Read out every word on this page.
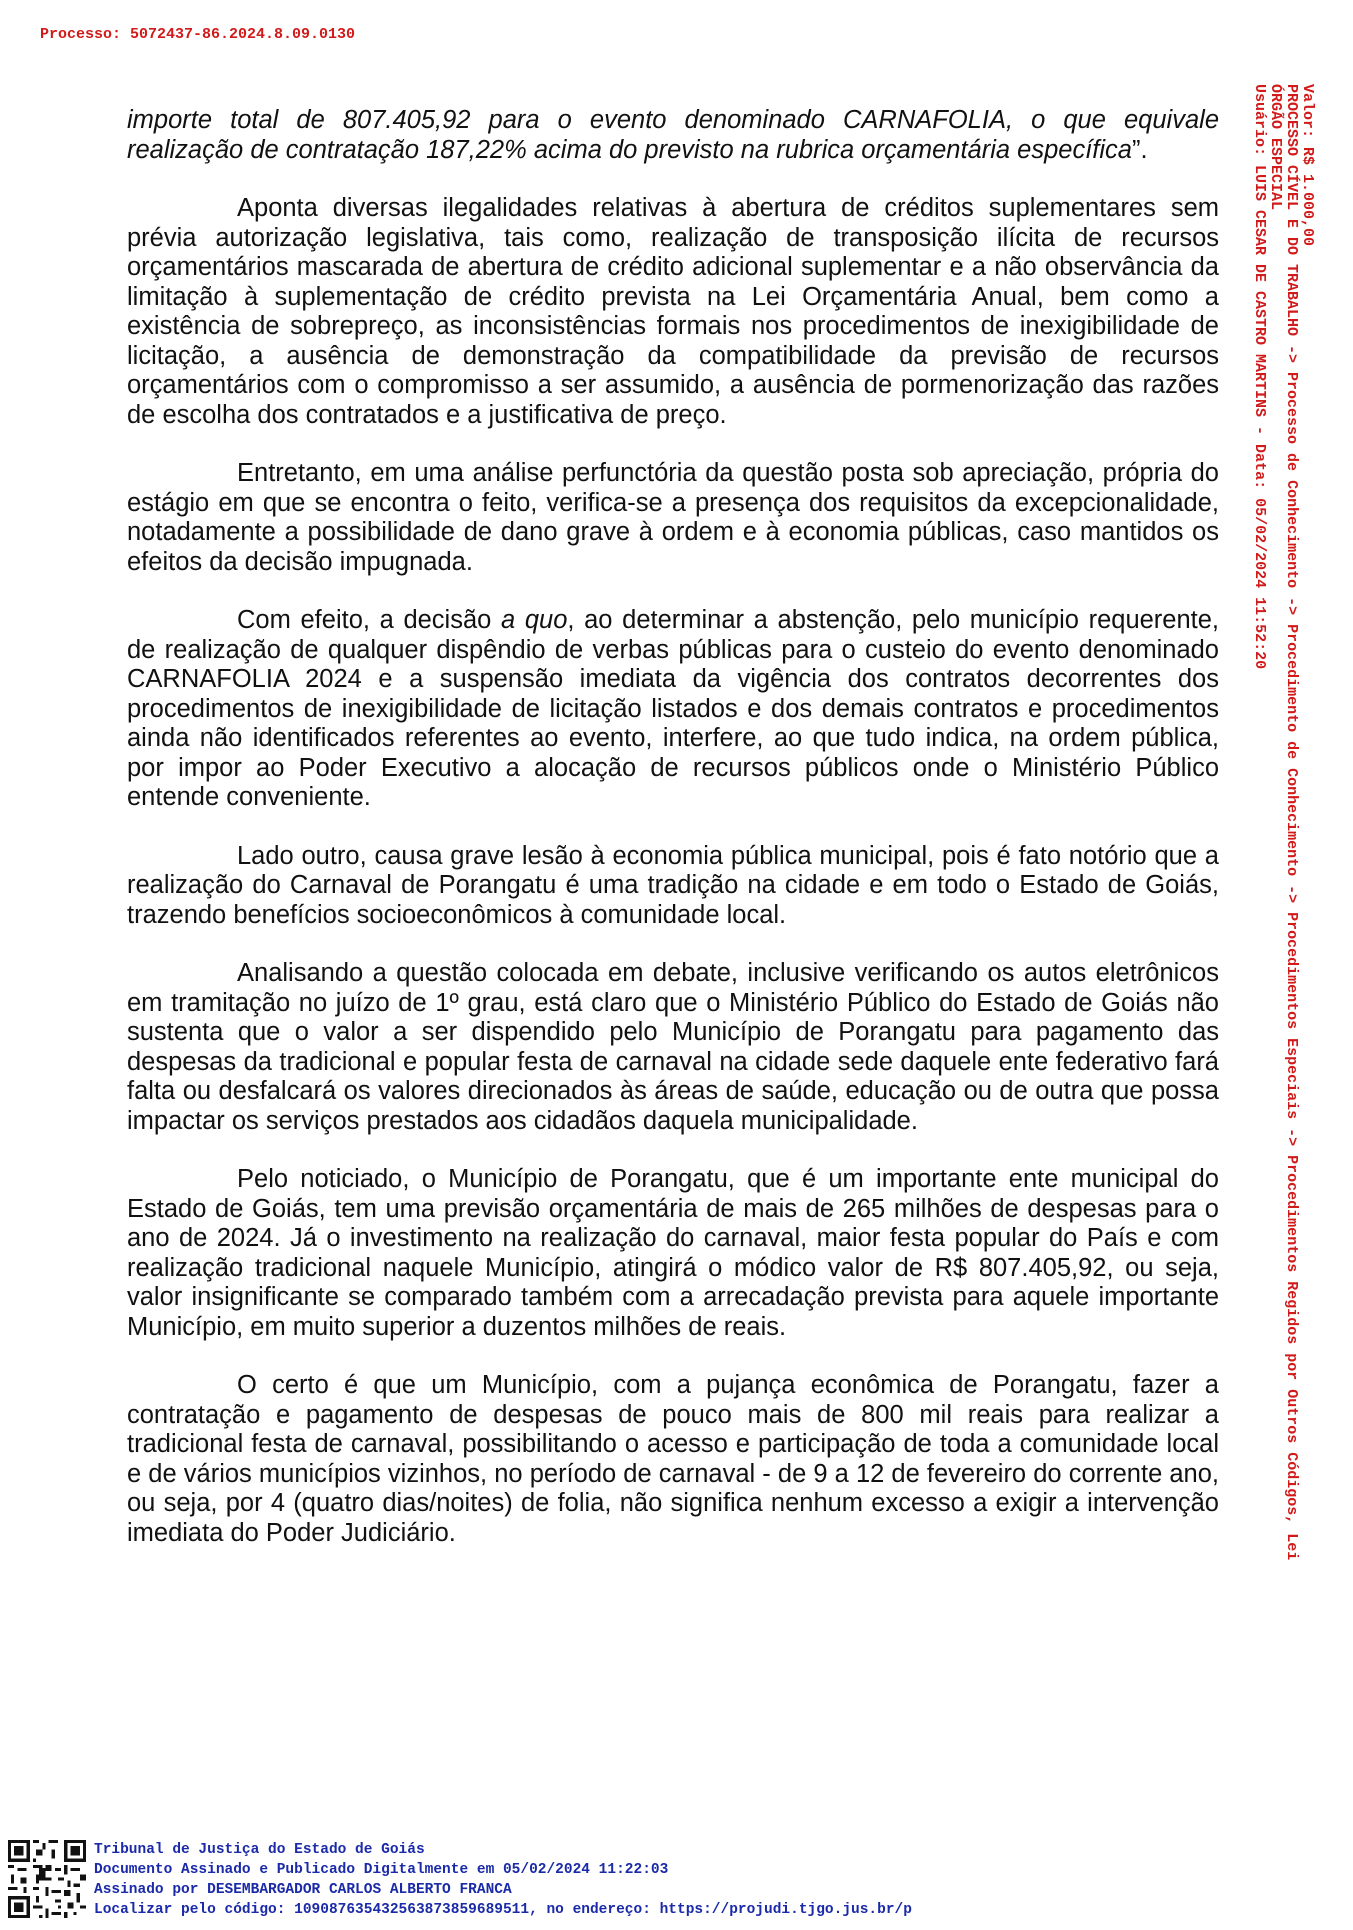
Processo: 5072437-86.2024.8.09.0130
Valor: R$ 1.000,00
PROCESSO CÍVEL E DO TRABALHO -> Processo de Conhecimento -> Procedimento de Conhecimento -> Procedimentos Especiais -> Procedimentos Regidos por Outros Códigos, Lei
ÓRGÃO ESPECIAL
Usuário: LUIS CESAR DE CASTRO MARTINS - Data: 05/02/2024 11:52:20

importe total de 807.405,92 para o evento denominado CARNAFOLIA, o que equivale realização de contratação 187,22% acima do previsto na rubrica orçamentária específica”.

Aponta diversas ilegalidades relativas à abertura de créditos suplementares sem prévia autorização legislativa, tais como, realização de transposição ilícita de recursos orçamentários mascarada de abertura de crédito adicional suplementar e a não observância da limitação à suplementação de crédito prevista na Lei Orçamentária Anual, bem como a existência de sobrepreço, as inconsistências formais nos procedimentos de inexigibilidade de licitação, a ausência de demonstração da compatibilidade da previsão de recursos orçamentários com o compromisso a ser assumido, a ausência de pormenorização das razões de escolha dos contratados e a justificativa de preço.

Entretanto, em uma análise perfunctória da questão posta sob apreciação, própria do estágio em que se encontra o feito, verifica-se a presença dos requisitos da excepcionalidade, notadamente a possibilidade de dano grave à ordem e à economia públicas, caso mantidos os efeitos da decisão impugnada.

Com efeito, a decisão a quo, ao determinar a abstenção, pelo município requerente, de realização de qualquer dispêndio de verbas públicas para o custeio do evento denominado CARNAFOLIA 2024 e a suspensão imediata da vigência dos contratos decorrentes dos procedimentos de inexigibilidade de licitação listados e dos demais contratos e procedimentos ainda não identificados referentes ao evento, interfere, ao que tudo indica, na ordem pública, por impor ao Poder Executivo a alocação de recursos públicos onde o Ministério Público entende conveniente.

Lado outro, causa grave lesão à economia pública municipal, pois é fato notório que a realização do Carnaval de Porangatu é uma tradição na cidade e em todo o Estado de Goiás, trazendo benefícios socioeconômicos à comunidade local.

Analisando a questão colocada em debate, inclusive verificando os autos eletrônicos em tramitação no juízo de 1º grau, está claro que o Ministério Público do Estado de Goiás não sustenta que o valor a ser dispendido pelo Município de Porangatu para pagamento das despesas da tradicional e popular festa de carnaval na cidade sede daquele ente federativo fará falta ou desfalcará os valores direcionados às áreas de saúde, educação ou de outra que possa impactar os serviços prestados aos cidadãos daquela municipalidade.

Pelo noticiado, o Município de Porangatu, que é um importante ente municipal do Estado de Goiás, tem uma previsão orçamentária de mais de 265 milhões de despesas para o ano de 2024. Já o investimento na realização do carnaval, maior festa popular do País e com realização tradicional naquele Município, atingirá o módico valor de R$ 807.405,92, ou seja, valor insignificante se comparado também com a arrecadação prevista para aquele importante Município, em muito superior a duzentos milhões de reais.

O certo é que um Município, com a pujança econômica de Porangatu, fazer a contratação e pagamento de despesas de pouco mais de 800 mil reais para realizar a tradicional festa de carnaval, possibilitando o acesso e participação de toda a comunidade local e de vários municípios vizinhos, no período de carnaval - de 9 a 12 de fevereiro do corrente ano, ou seja, por 4 (quatro dias/noites) de folia, não significa nenhum excesso a exigir a intervenção imediata do Poder Judiciário.

Tribunal de Justiça do Estado de Goiás
Documento Assinado e Publicado Digitalmente em 05/02/2024 11:22:03
Assinado por DESEMBARGADOR CARLOS ALBERTO FRANCA
Localizar pelo código: 109087635432563873859689511, no endereço: https://projudi.tjgo.jus.br/p
